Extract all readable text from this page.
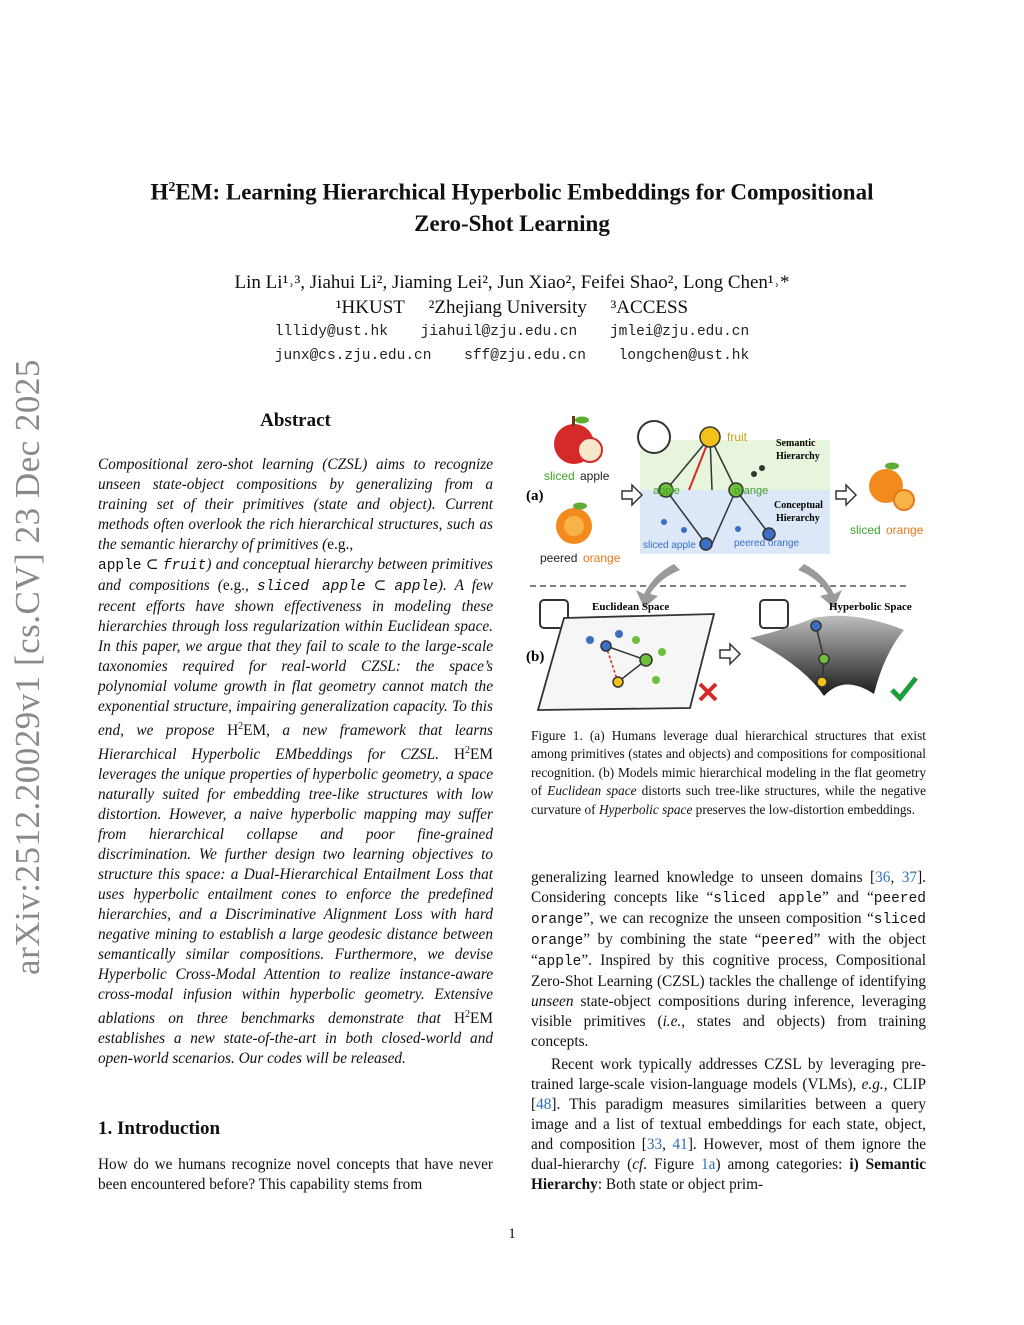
arXiv:2512.20029v1 [cs.CV] 23 Dec 2025
$H^2EM$: Learning Hierarchical Hyperbolic Embeddings for Compositional
Zero-Shot Learning
Lin Li¹˒³, Jiahui Li², Jiaming Lei², Jun Xiao², Feifei Shao², Long Chen¹˒*
¹HKUST ²Zhejiang University ³ACCESS
lllidy@ust.hk jiahuil@zju.edu.cn jmlei@zju.edu.cn
junx@cs.zju.edu.cn sff@zju.edu.cn longchen@ust.hk
Abstract
Compositional zero-shot learning (CZSL) aims to recognize unseen state-object compositions by generalizing from a training set of their primitives (state and object). Current methods often overlook the rich hierarchical structures, such as the semantic hierarchy of primitives (e.g.,
apple ⊂ fruit) and conceptual hierarchy between primitives and compositions (e.g., sliced apple ⊂ apple). A few recent efforts have shown effectiveness in modeling these hierarchies through loss regularization within Euclidean space. In this paper, we argue that they fail to scale to the large-scale taxonomies required for real-world CZSL: the space’s polynomial volume growth in flat geometry cannot match the exponential structure, impairing generalization capacity. To this end, we propose $H^2EM$, a new framework that learns Hierarchical Hyperbolic EMbeddings for CZSL. $H^2EM$ leverages the unique properties of hyperbolic geometry, a space naturally suited for embedding tree-like structures with low distortion. However, a naive hyperbolic mapping may suffer from hierarchical collapse and poor fine-grained discrimination. We further design two learning objectives to structure this space: a Dual-Hierarchical Entailment Loss that uses hyperbolic entailment cones to enforce the predefined hierarchies, and a Discriminative Alignment Loss with hard negative mining to establish a large geodesic distance between semantically similar compositions. Furthermore, we devise Hyperbolic Cross-Modal Attention to realize instance-aware cross-modal infusion within hyperbolic geometry. Extensive ablations on three benchmarks demonstrate that $H^2EM$ establishes a new state-of-the-art in both closed-world and open-world scenarios. Our codes will be released.
1. Introduction
How do we humans recognize novel concepts that have never been encountered before? This capability stems from
sliced apple
peered orange
(a)
fruit
apple	orange
sliced apple	peered orange
Semantic
Hierarchy
Conceptual
Hierarchy
sliced orange
(b)
Euclidean Space	Hyperbolic Space
Figure 1. (a) Humans leverage dual hierarchical structures that exist among primitives (states and objects) and compositions for compositional recognition. (b) Models mimic hierarchical modeling in the flat geometry of Euclidean space distorts such tree-like structures, while the negative curvature of Hyperbolic space preserves the low-distortion embeddings.
generalizing learned knowledge to unseen domains [36, 37]. Considering concepts like “sliced apple” and “peered orange”, we can recognize the unseen composition “sliced orange” by combining the state “peered” with the object “apple”. Inspired by this cognitive process, Compositional Zero-Shot Learning (CZSL) tackles the challenge of identifying unseen state-object compositions during inference, leveraging visible primitives (i.e., states and objects) from training concepts.
Recent work typically addresses CZSL by leveraging pre-trained large-scale vision-language models (VLMs), e.g., CLIP [48]. This paradigm measures similarities between a query image and a list of textual embeddings for each state, object, and composition [33, 41]. However, most of them ignore the dual-hierarchy (cf. Figure 1a) among categories: i) Semantic Hierarchy: Both state or object prim-
1
